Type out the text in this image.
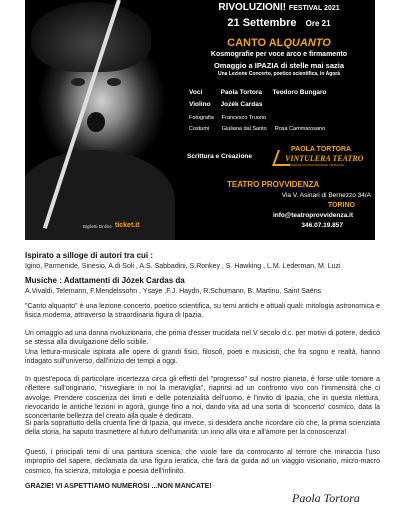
RIVOLUZIONI! FESTIVAL 2021
21 Settembre Ore 21
CANTO ALQUANTO
Kosmografie per voce arco e firmamento
Omaggio a IPAZIA di stelle mai sazia
Una Lezione Concerto, poetico scientifica, in Agorà
Voci	Paola Tortora	Teodoro Bungaro
Violino	Jozék Cardas	
Fotografia	Francesco Truono	
Costumi	Giuliana dal Santo	Rosa Cammarosano
Scrittura e Creazione
PAOLA TORTORA
VINTULERA TEATRO
CENTRO DI PRODUZIONE TEATRALE
TEATRO PROVVIDENZA
Via V. Asinari di Bernezzo 34/A
TORINO
info@teatroprovvidenza.it
346.07.19.857
Biglietti Online ticket.it
Ispirato a silloge di autori tra cui :
Igino, Parmenide, Sinesio, A.di Soli , A.S. Sabbadini, S.Ronkey , S. Hawking , L.M. Lederman, M. Luzi
Musiche : Adattamenti di Józek Cardas da
A.Vivaldi, Telemann, F.Mendelssohn , Ysaÿe ,F.J. Haydn, R.Schumann, B. Martinu, Saint Saëns
"Canto alquanto" è una lezione concerto, poetico scientifica, su temi antichi e attuali quali: mitologia astronomica e fisica moderna, attraverso la straordinaria figura di Ipazia.
Un omaggio ad una donna rivoluzionaria, che prima d'esser trucidata nel V secolo d.c. per motivi di potere, dedicò se stessa alla divulgazione dello scibile.
Una lettura-musicale ispirata alle opere di grandi fisici, filosofi, poeti e musicisti, che fra sogno e realtà, hanno indagato sull'universo, dall'inizio dei tempi a oggi.
In quest'epoca di particolare incertezza circa gli effetti del "progresso" sul nostro pianeta, è forse utile tornare a riflettere sull'originario, "risvegliare in noi la meraviglia", riaprirsi ad un confronto vivo con l'immensità che ci avvolge. Prendere coscienza dei limiti e delle potenzialità dell'uomo, è l'invito di Ipazia, che in questa rilettura, rievocando le antiche lezioni in agorà, giunge fino a noi, dando vita ad una sorta di 'sconcerto' cosmico, data la sconcertante bellezza del creato alla quale è dedicato.
Si parla soprattutto della cruenta fine di Ipazia, qui invece, si desidera anche ricordare ciò che, la prima scienziata della storia, ha saputo trasmettere al futuro dell'umanità: un inno alla vita e all'amore per la conoscenza!
Questi, i principali temi di una partitura scenica, che vuole fare da controcanto al terrore che minaccia l'uso improprio del sapere, declamata da una figura ieratica, che farà da guida ad un viaggio visionario, micro-macro cosmico, fra scienza, mitologia e poesia dell'infinito.
GRAZIE! VI ASPETTIAMO NUMEROSI ...NON MANCATE!
Paola Tortora
